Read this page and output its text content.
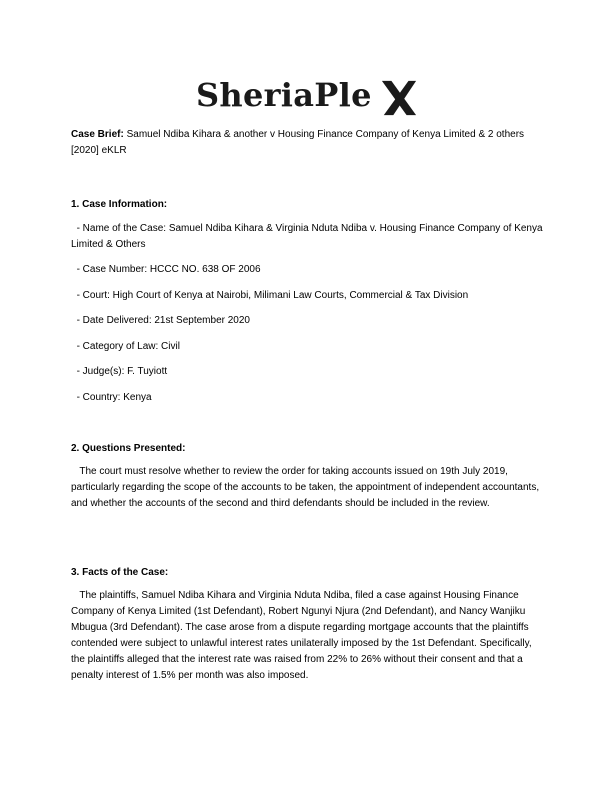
SheriaPle
Case Brief: Samuel Ndiba Kihara & another v Housing Finance Company of Kenya Limited & 2 others [2020] eKLR
1. Case Information:
- Name of the Case: Samuel Ndiba Kihara & Virginia Nduta Ndiba v. Housing Finance Company of Kenya Limited & Others
- Case Number: HCCC NO. 638 OF 2006
- Court: High Court of Kenya at Nairobi, Milimani Law Courts, Commercial & Tax Division
- Date Delivered: 21st September 2020
- Category of Law: Civil
- Judge(s): F. Tuyiott
- Country: Kenya
2. Questions Presented:
The court must resolve whether to review the order for taking accounts issued on 19th July 2019, particularly regarding the scope of the accounts to be taken, the appointment of independent accountants, and whether the accounts of the second and third defendants should be included in the review.
3. Facts of the Case:
The plaintiffs, Samuel Ndiba Kihara and Virginia Nduta Ndiba, filed a case against Housing Finance Company of Kenya Limited (1st Defendant), Robert Ngunyi Njura (2nd Defendant), and Nancy Wanjiku Mbugua (3rd Defendant). The case arose from a dispute regarding mortgage accounts that the plaintiffs contended were subject to unlawful interest rates unilaterally imposed by the 1st Defendant. Specifically, the plaintiffs alleged that the interest rate was raised from 22% to 26% without their consent and that a penalty interest of 1.5% per month was also imposed.
